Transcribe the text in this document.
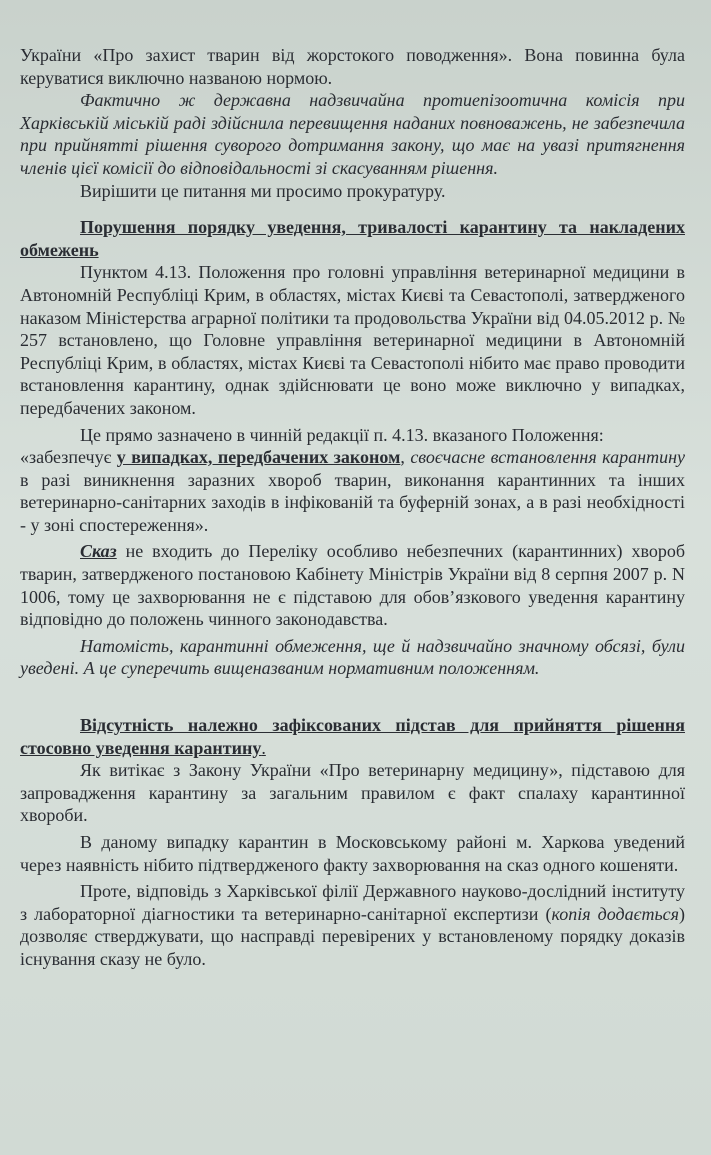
України «Про захист тварин від жорстокого поводження». Вона повинна була керуватися виключно названою нормою.

Фактично ж державна надзвичайна протиепізоотична комісія при Харківській міській раді здійснила перевищення наданих повноважень, не забезпечила при прийнятті рішення суворого дотримання закону, що має на увазі притягнення членів цієї комісії до відповідальності зі скасуванням рішення.

Вирішити це питання ми просимо прокуратуру.

Порушення порядку уведення, тривалості карантину та накладених обмежень

Пунктом 4.13. Положення про головні управління ветеринарної медицини в Автономній Республіці Крим, в областях, містах Києві та Севастополі, затвердженого наказом Міністерства аграрної політики та продовольства України від 04.05.2012 р. № 257 встановлено, що Головне управління ветеринарної медицини в Автономній Республіці Крим, в областях, містах Києві та Севастополі нібито має право проводити встановлення карантину, однак здійснювати це воно може виключно у випадках, передбачених законом.

Це прямо зазначено в чинній редакції п. 4.13. вказаного Положення:

«забезпечує у випадках, передбачених законом, своєчасне встановлення карантину в разі виникнення заразних хвороб тварин, виконання карантинних та інших ветеринарно-санітарних заходів в інфікованій та буферній зонах, а в разі необхідності - у зоні спостереження».

Сказ не входить до Переліку особливо небезпечних (карантинних) хвороб тварин, затвердженого постановою Кабінету Міністрів України від 8 серпня 2007 р. N 1006, тому це захворювання не є підставою для обов’язкового уведення карантину відповідно до положень чинного законодавства.

Натомість, карантинні обмеження, ще й надзвичайно значному обсязі, були уведені. А це суперечить вищеназваним нормативним положенням.

Відсутність належно зафіксованих підстав для прийняття рішення стосовно уведення карантину.

Як витікає з Закону України «Про ветеринарну медицину», підставою для запровадження карантину за загальним правилом є факт спалаху карантинної хвороби.

В даному випадку карантин в Московському районі м. Харкова уведений через наявність нібито підтвердженого факту захворювання на сказ одного кошеняти.

Проте, відповідь з Харківської філії Державного науково-дослідний інституту з лабораторної діагностики та ветеринарно-санітарної експертизи (копія додається) дозволяє стверджувати, що насправді перевірених у встановленому порядку доказів існування сказу не було.
